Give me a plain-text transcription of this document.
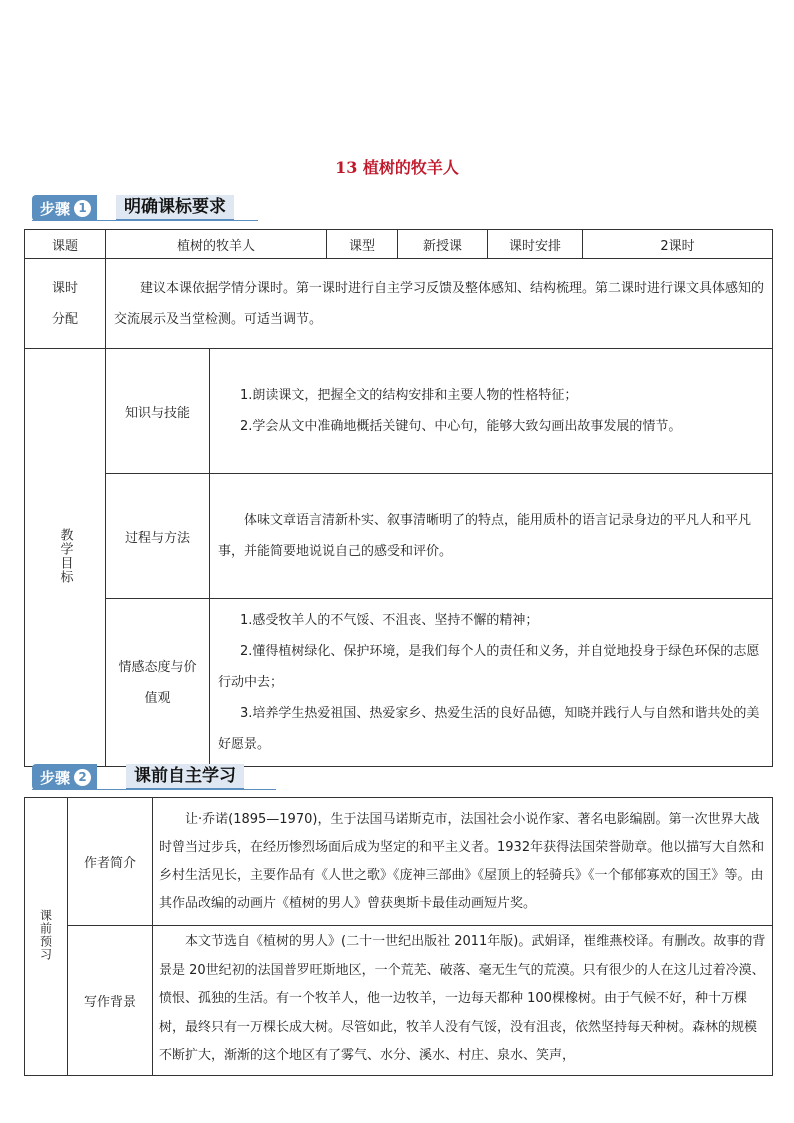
13 植树的牧羊人
步骤 1	明确课标要求
课题	植树的牧羊人		课型	新授课	课时安排	2课时
课时分配	建议本课依据学情分课时。第一课时进行自主学习反馈及整体感知、结构梳理。第二课时进行课文具体感知的交流展示及当堂检测。可适当调节。					

教学目标	知识与技能	1.朗读课文，把握全文的结构安排和主要人物的性格特征；
2.学会从文中准确地概括关键句、中心句，能够大致勾画出故事发展的情节。				

	过程与方法	体味文章语言清新朴实、叙事清晰明了的特点，能用质朴的语言记录身边的平凡人和平凡事，并能简要地说说自己的感受和评价。				

	情感态度与价值观	1.感受牧羊人的不气馁、不沮丧、坚持不懈的精神；
2.懂得植树绿化、保护环境，是我们每个人的责任和义务，并自觉地投身于绿色环保的志愿行动中去；
3.培养学生热爱祖国、热爱家乡、热爱生活的良好品德，知晓并践行人与自然和谐共处的美好愿景。				
步骤 2	课前自主学习
课前预习	作者简介	让·乔诺(1895—1970)，生于法国马诺斯克市，法国社会小说作家、著名电影编剧。第一次世界大战时曾当过步兵，在经历惨烈场面后成为坚定的和平主义者。1932年获得法国荣誉勋章。他以描写大自然和乡村生活见长，主要作品有《人世之歌》《庞神三部曲》《屋顶上的轻骑兵》《一个郁郁寡欢的国王》等。由其作品改编的动画片《植树的男人》曾获奥斯卡最佳动画短片奖。

	写作背景	本文节选自《植树的男人》(二十一世纪出版社 2011年版)。武娟译，崔维燕校译。有删改。故事的背景是 20世纪初的法国普罗旺斯地区，一个荒芜、破落、毫无生气的荒漠。只有很少的人在这儿过着冷漠、愤恨、孤独的生活。有一个牧羊人，他一边牧羊，一边每天都种 100棵橡树。由于气候不好，种十万棵树，最终只有一万棵长成大树。尽管如此，牧羊人没有气馁，没有沮丧，依然坚持每天种树。森林的规模不断扩大，渐渐的这个地区有了雾气、水分、溪水、村庄、泉水、笑声，
